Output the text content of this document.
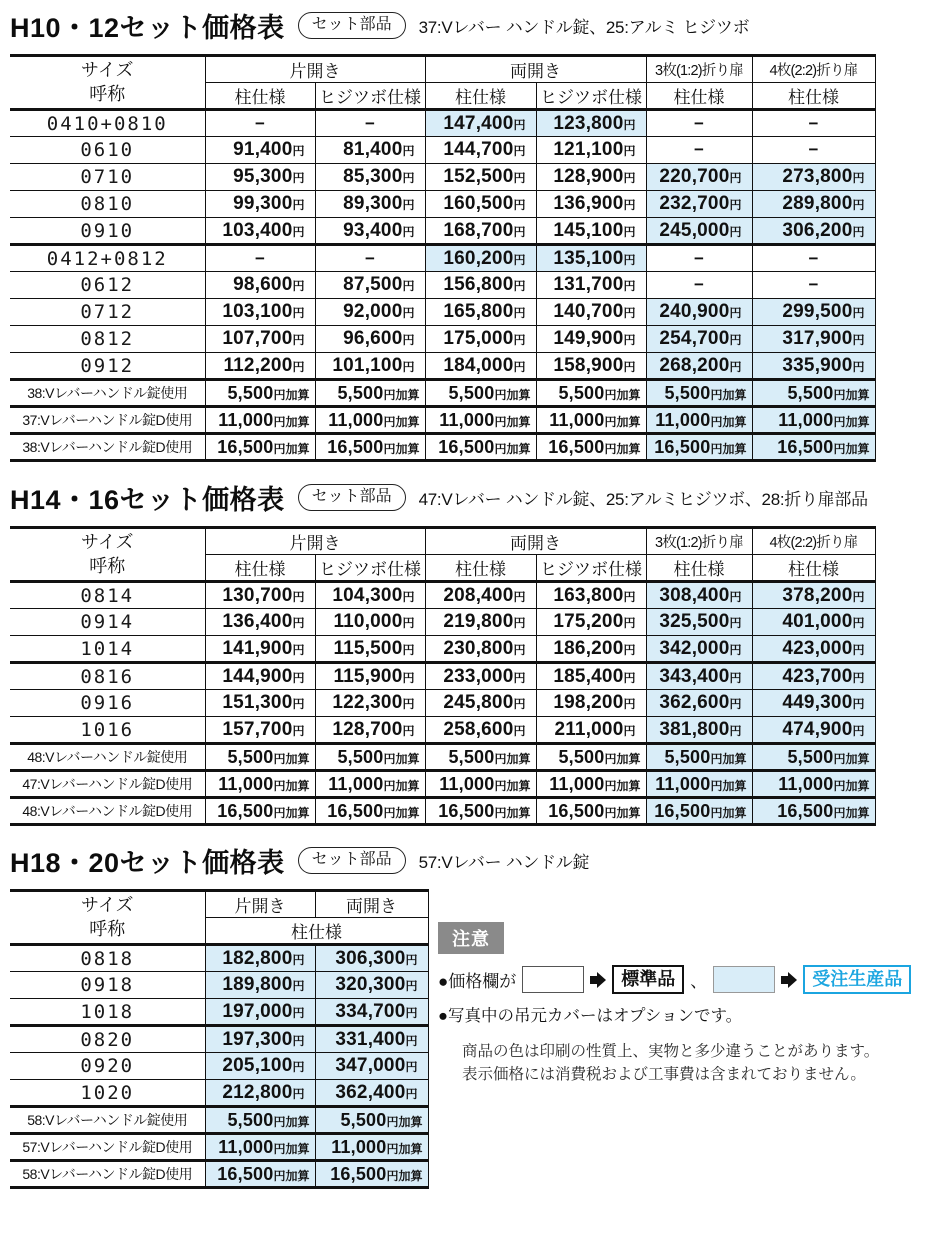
H10・12セット価格表	セット部品	37:Vレバー ハンドル錠、25:アルミ ヒジツボ
サイズ
呼称	片開き		両開き		3枚(1:2)折り扉	4枚(2:2)折り扉
	柱仕様	ヒジツボ仕様	柱仕様	ヒジツボ仕様	柱仕様	柱仕様
0410+0810	−	−	147,400円	123,800円	−	−
0610	91,400円	81,400円	144,700円	121,100円	−	−
0710	95,300円	85,300円	152,500円	128,900円	220,700円	273,800円
0810	99,300円	89,300円	160,500円	136,900円	232,700円	289,800円
0910	103,400円	93,400円	168,700円	145,100円	245,000円	306,200円
0412+0812	−	−	160,200円	135,100円	−	−
0612	98,600円	87,500円	156,800円	131,700円	−	−
0712	103,100円	92,000円	165,800円	140,700円	240,900円	299,500円
0812	107,700円	96,600円	175,000円	149,900円	254,700円	317,900円
0912	112,200円	101,100円	184,000円	158,900円	268,200円	335,900円
38:Vレバーハンドル錠使用	5,500円加算	5,500円加算	5,500円加算	5,500円加算	5,500円加算	5,500円加算
37:Vレバーハンドル錠D使用	11,000円加算	11,000円加算	11,000円加算	11,000円加算	11,000円加算	11,000円加算
38:Vレバーハンドル錠D使用	16,500円加算	16,500円加算	16,500円加算	16,500円加算	16,500円加算	16,500円加算
H14・16セット価格表	セット部品	47:Vレバー ハンドル錠、25:アルミヒジツボ、28:折り扉部品
サイズ
呼称	片開き		両開き		3枚(1:2)折り扉	4枚(2:2)折り扉
	柱仕様	ヒジツボ仕様	柱仕様	ヒジツボ仕様	柱仕様	柱仕様
0814	130,700円	104,300円	208,400円	163,800円	308,400円	378,200円
0914	136,400円	110,000円	219,800円	175,200円	325,500円	401,000円
1014	141,900円	115,500円	230,800円	186,200円	342,000円	423,000円
0816	144,900円	115,900円	233,000円	185,400円	343,400円	423,700円
0916	151,300円	122,300円	245,800円	198,200円	362,600円	449,300円
1016	157,700円	128,700円	258,600円	211,000円	381,800円	474,900円
48:Vレバーハンドル錠使用	5,500円加算	5,500円加算	5,500円加算	5,500円加算	5,500円加算	5,500円加算
47:Vレバーハンドル錠D使用	11,000円加算	11,000円加算	11,000円加算	11,000円加算	11,000円加算	11,000円加算
48:Vレバーハンドル錠D使用	16,500円加算	16,500円加算	16,500円加算	16,500円加算	16,500円加算	16,500円加算
H18・20セット価格表	セット部品	57:Vレバー ハンドル錠
サイズ
呼称	片開き	両開き
	柱仕様	
0818	182,800円	306,300円
0918	189,800円	320,300円
1018	197,000円	334,700円
0820	197,300円	331,400円
0920	205,100円	347,000円
1020	212,800円	362,400円
58:Vレバーハンドル錠使用	5,500円加算	5,500円加算
57:Vレバーハンドル錠D使用	11,000円加算	11,000円加算
58:Vレバーハンドル錠D使用	16,500円加算	16,500円加算
注意
●価格欄が	標準品 、	受注生産品
●写真中の吊元カバーはオプションです。
商品の色は印刷の性質上、実物と多少違うことがあります。
表示価格には消費税および工事費は含まれておりません。
